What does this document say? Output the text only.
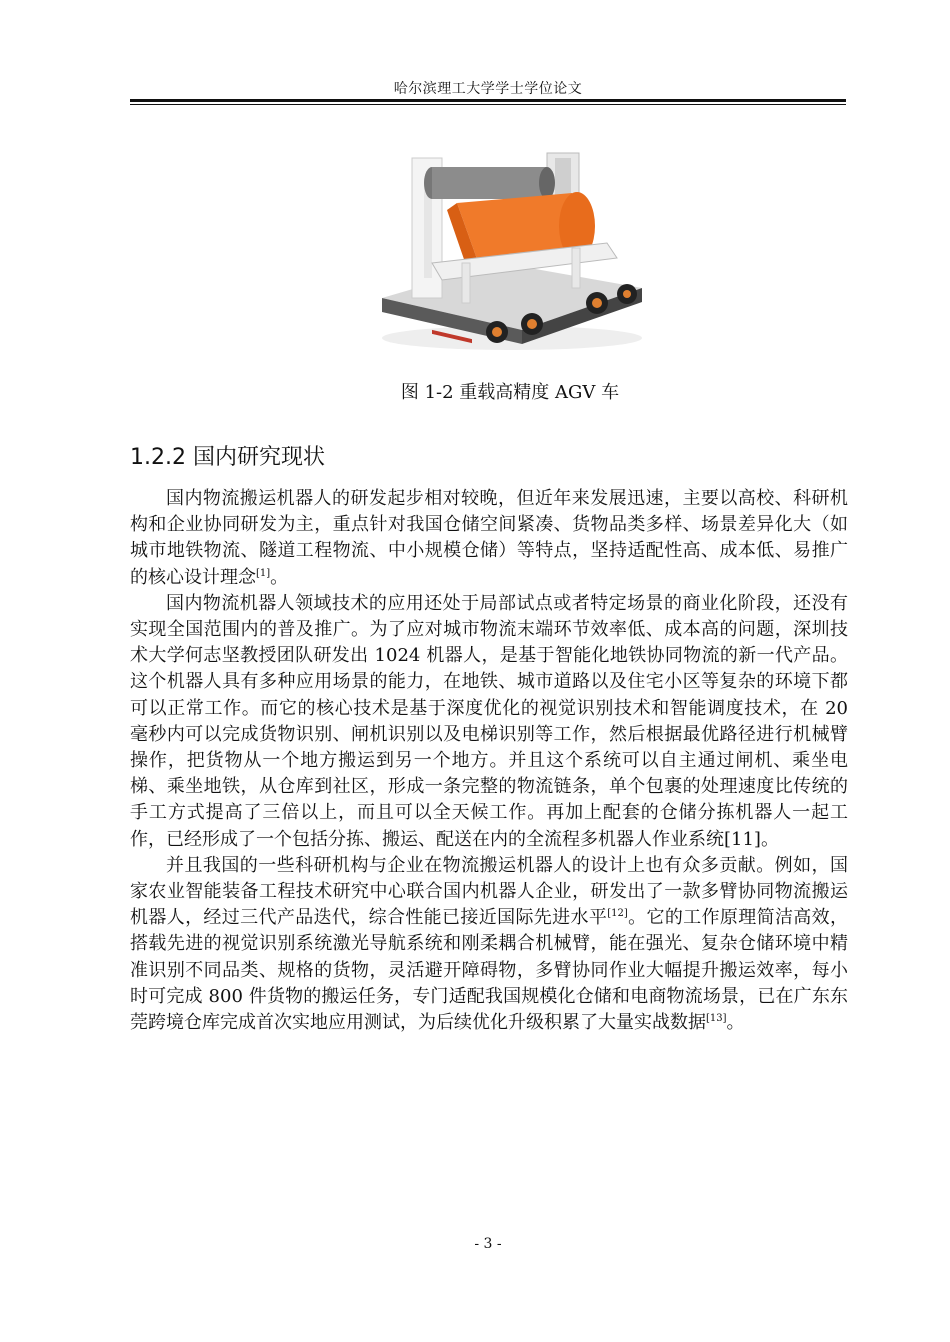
哈尔滨理工大学学士学位论文
图 1-2 重载高精度 AGV 车
1.2.2 国内研究现状

国内物流搬运机器人的研发起步相对较晚，但近年来发展迅速，主要以高校、科研机构和企业协同研发为主，重点针对我国仓储空间紧凑、货物品类多样、场景差异化大（如城市地铁物流、隧道工程物流、中小规模仓储）等特点，坚持适配性高、成本低、易推广的核心设计理念[1]。

国内物流机器人领域技术的应用还处于局部试点或者特定场景的商业化阶段，还没有实现全国范围内的普及推广。为了应对城市物流末端环节效率低、成本高的问题，深圳技术大学何志坚教授团队研发出 1024 机器人，是基于智能化地铁协同物流的新一代产品。这个机器人具有多种应用场景的能力，在地铁、城市道路以及住宅小区等复杂的环境下都可以正常工作。而它的核心技术是基于深度优化的视觉识别技术和智能调度技术，在 20 毫秒内可以完成货物识别、闸机识别以及电梯识别等工作，然后根据最优路径进行机械臂操作，把货物从一个地方搬运到另一个地方。并且这个系统可以自主通过闸机、乘坐电梯、乘坐地铁，从仓库到社区，形成一条完整的物流链条，单个包裹的处理速度比传统的手工方式提高了三倍以上，而且可以全天候工作。再加上配套的仓储分拣机器人一起工作，已经形成了一个包括分拣、搬运、配送在内的全流程多机器人作业系统[11]。

并且我国的一些科研机构与企业在物流搬运机器人的设计上也有众多贡献。例如，国家农业智能装备工程技术研究中心联合国内机器人企业，研发出了一款多臂协同物流搬运机器人，经过三代产品迭代，综合性能已接近国际先进水平[12]。它的工作原理简洁高效，搭载先进的视觉识别系统激光导航系统和刚柔耦合机械臂，能在强光、复杂仓储环境中精准识别不同品类、规格的货物，灵活避开障碍物，多臂协同作业大幅提升搬运效率，每小时可完成 800 件货物的搬运任务，专门适配我国规模化仓储和电商物流场景，已在广东东莞跨境仓库完成首次实地应用测试，为后续优化升级积累了大量实战数据[13]。

- 3 -
